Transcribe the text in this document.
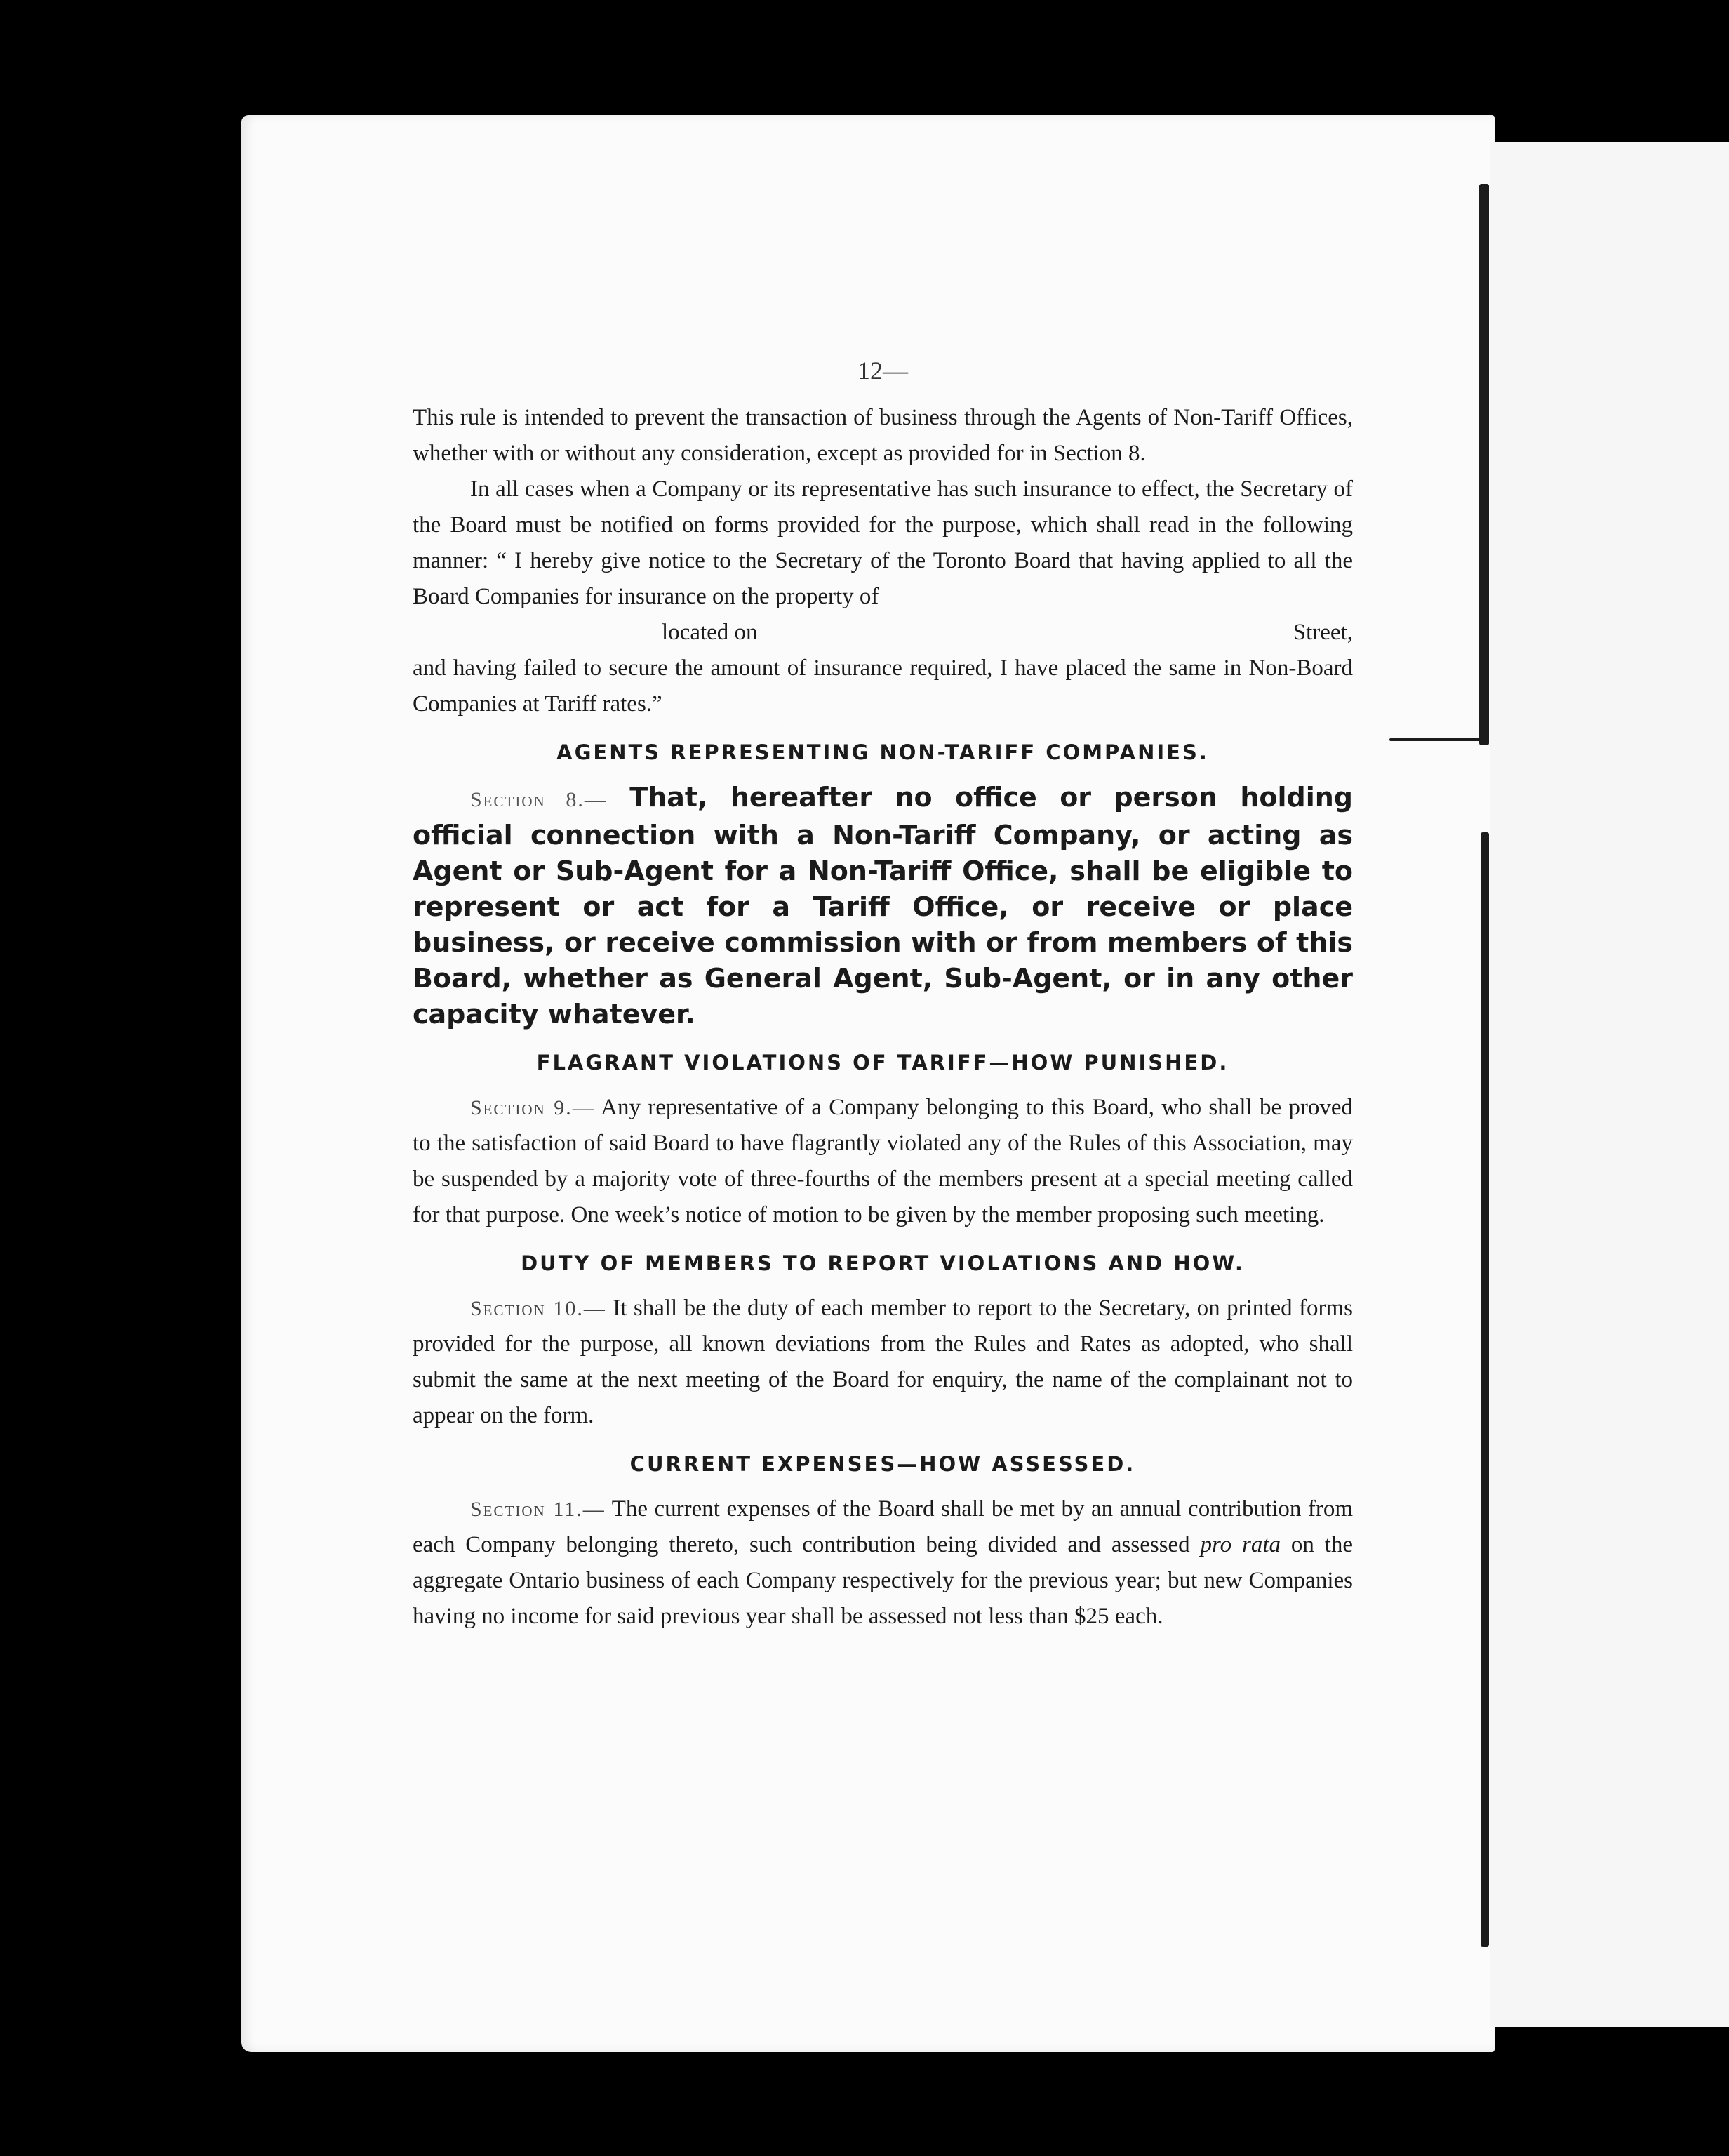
12—

This rule is intended to prevent the transaction of business through the Agents of Non-Tariff Offices, whether with or without any consideration, except as provided for in Section 8.

In all cases when a Company or its representative has such insurance to effect, the Secretary of the Board must be notified on forms provided for the purpose, which shall read in the following manner: “ I hereby give notice to the Secretary of the Toronto Board that having applied to all the Board Companies for insurance on the property of

located on	Street,

and having failed to secure the amount of insurance required, I have placed the same in Non-Board Companies at Tariff rates.”

AGENTS REPRESENTING NON-TARIFF COMPANIES.

Section 8.— That, hereafter no office or person holding official connection with a Non-Tariff Company, or acting as Agent or Sub-Agent for a Non-Tariff Office, shall be eligible to represent or act for a Tariff Office, or receive or place business, or receive commission with or from members of this Board, whether as General Agent, Sub-Agent, or in any other capacity whatever.

FLAGRANT VIOLATIONS OF TARIFF—HOW PUNISHED.

Section 9.— Any representative of a Company belonging to this Board, who shall be proved to the satisfaction of said Board to have flagrantly violated any of the Rules of this Association, may be suspended by a majority vote of three-fourths of the members present at a special meeting called for that purpose. One week’s notice of motion to be given by the member proposing such meeting.

DUTY OF MEMBERS TO REPORT VIOLATIONS AND HOW.

Section 10.— It shall be the duty of each member to report to the Secretary, on printed forms provided for the purpose, all known deviations from the Rules and Rates as adopted, who shall submit the same at the next meeting of the Board for enquiry, the name of the complainant not to appear on the form.

CURRENT EXPENSES—HOW ASSESSED.

Section 11.— The current expenses of the Board shall be met by an annual contribution from each Company belonging thereto, such contribution being divided and assessed pro rata on the aggregate Ontario business of each Company respectively for the previous year; but new Companies having no income for said previous year shall be assessed not less than $25 each.
